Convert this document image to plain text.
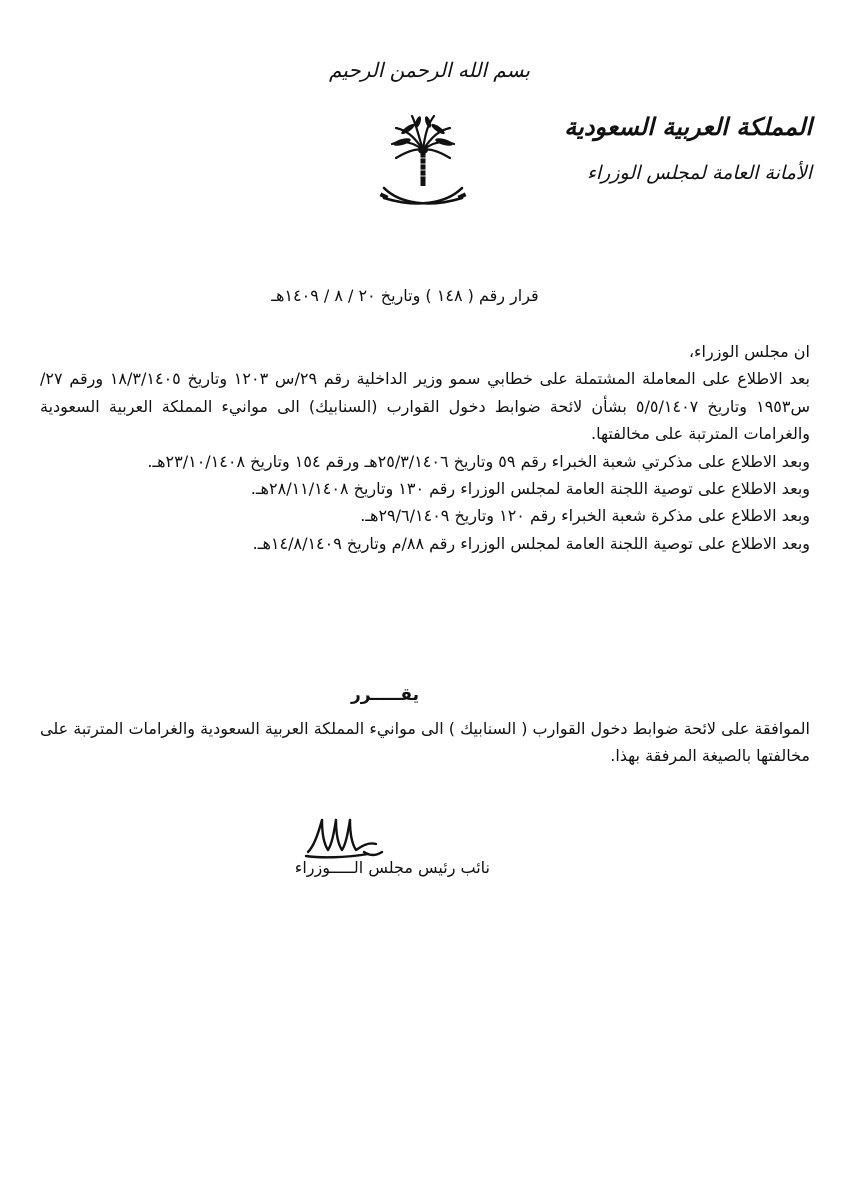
بسم الله الرحمن الرحيم
المملكة العربية السعودية
الأمانة العامة لمجلس الوزراء
قرار رقم ( ١٤٨ ) وتاريخ ٢٠ / ٨ / ١٤٠٩هـ

ان مجلس الوزراء،

بعد الاطلاع على المعاملة المشتملة على خطابي سمو وزير الداخلية رقم ٢٩/س ١٢٠٣ وتاريخ ١٨/٣/١٤٠٥ ورقم ٢٧/س١٩٥٣ وتاريخ ٥/٥/١٤٠٧ بشأن لائحة ضوابط دخول القوارب (السنابيك) الى موانيء المملكة العربية السعودية والغرامات المترتبة على مخالفتها.

وبعد الاطلاع على مذكرتي شعبة الخبراء رقم ٥٩ وتاريخ ٢٥/٣/١٤٠٦هـ ورقم ١٥٤ وتاريخ ٢٣/١٠/١٤٠٨هـ.

وبعد الاطلاع على توصية اللجنة العامة لمجلس الوزراء رقم ١٣٠ وتاريخ ٢٨/١١/١٤٠٨هـ.

وبعد الاطلاع على مذكرة شعبة الخبراء رقم ١٢٠ وتاريخ ٢٩/٦/١٤٠٩هـ.

وبعد الاطلاع على توصية اللجنة العامة لمجلس الوزراء رقم ٨٨/م وتاريخ ١٤/٨/١٤٠٩هـ.

يقـــــرر
الموافقة على لائحة ضوابط دخول القوارب ( السنابيك ) الى موانيء المملكة العربية السعودية والغرامات المترتبة على مخالفتها بالصيغة المرفقة بهذا.
نائب رئيس مجلس الـــــوزراء
